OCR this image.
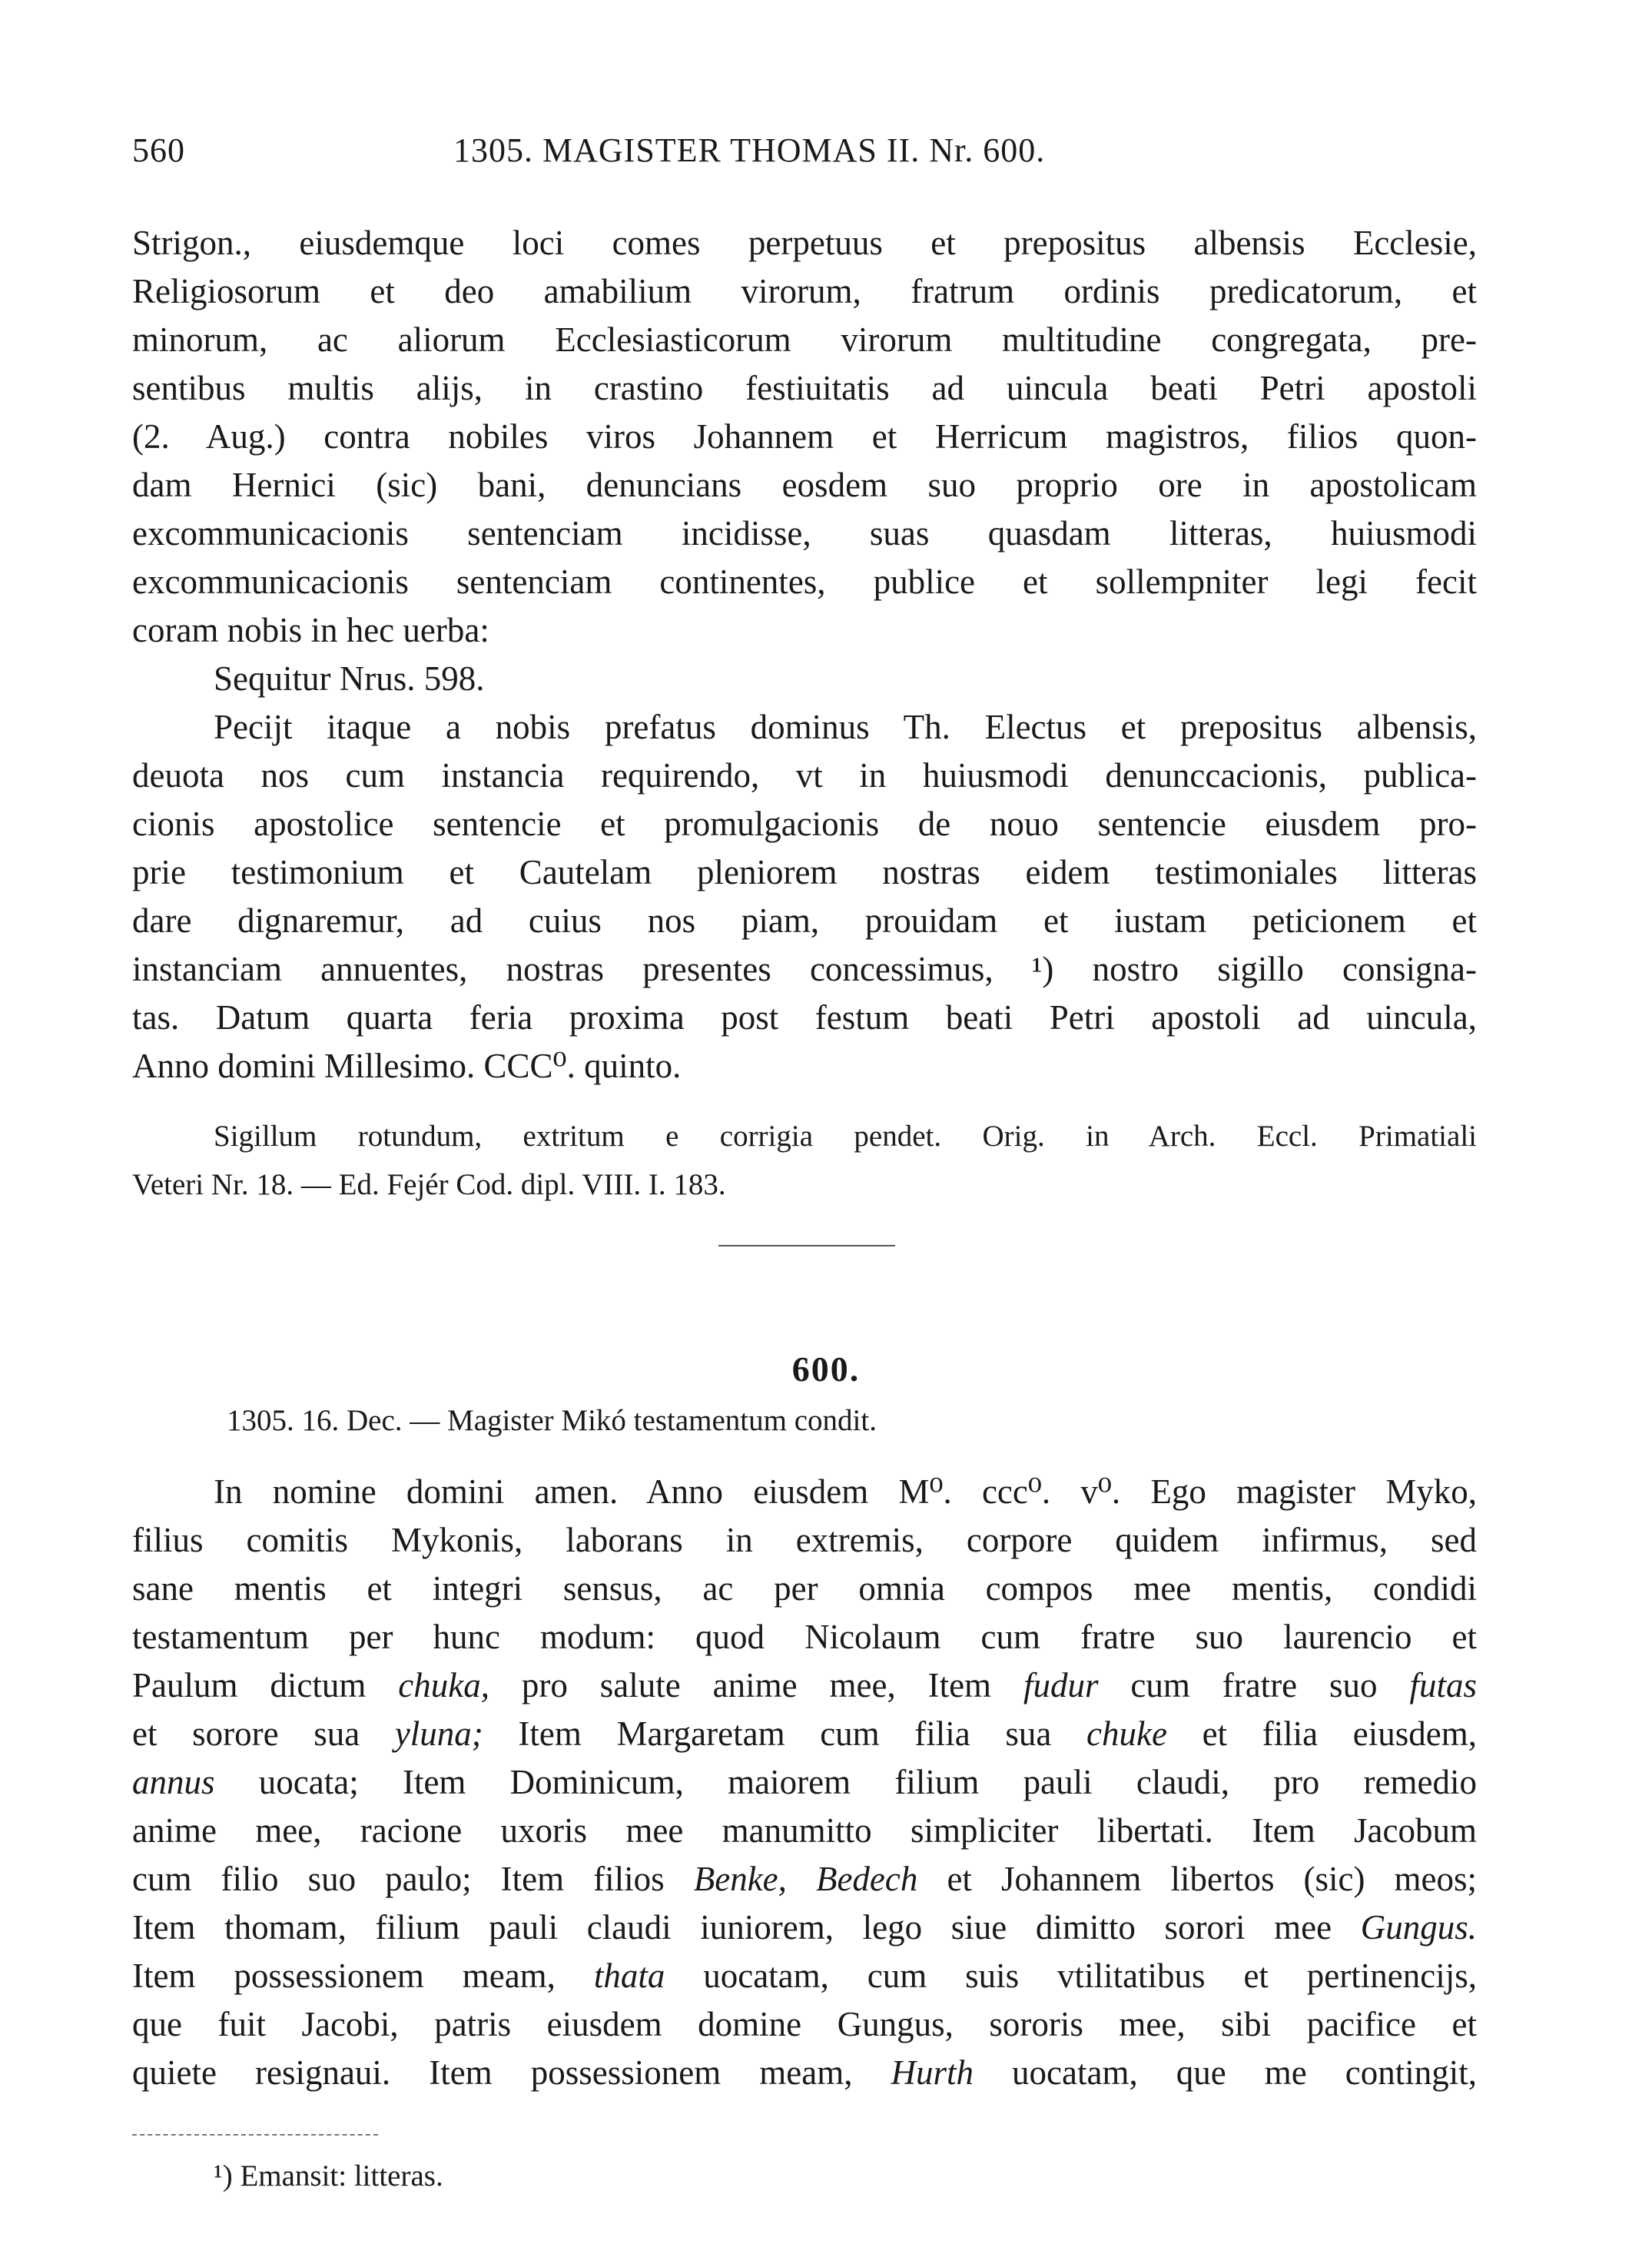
560	1305. MAGISTER THOMAS II. Nr. 600.
Strigon., eiusdemque loci comes perpetuus et prepositus albensis Ecclesie,
Religiosorum et deo amabilium virorum, fratrum ordinis predicatorum, et
minorum, ac aliorum Ecclesiasticorum virorum multitudine congregata, pre-
sentibus multis alijs, in crastino festiuitatis ad uincula beati Petri apostoli
(2. Aug.) contra nobiles viros Johannem et Herricum magistros, filios quon-
dam Hernici (sic) bani, denuncians eosdem suo proprio ore in apostolicam
excommunicacionis sentenciam incidisse, suas quasdam litteras, huiusmodi
excommunicacionis sentenciam continentes, publice et sollempniter legi fecit
coram nobis in hec uerba:
Sequitur Nrus. 598.
Pecijt itaque a nobis prefatus dominus Th. Electus et prepositus albensis,
deuota nos cum instancia requirendo, vt in huiusmodi denunccacionis, publica-
cionis apostolice sentencie et promulgacionis de nouo sentencie eiusdem pro-
prie testimonium et Cautelam pleniorem nostras eidem testimoniales litteras
dare dignaremur, ad cuius nos piam, prouidam et iustam peticionem et
instanciam annuentes, nostras presentes concessimus, ¹) nostro sigillo consigna-
tas. Datum quarta feria proxima post festum beati Petri apostoli ad uincula,
Anno domini Millesimo. CCC⁰. quinto.
Sigillum rotundum, extritum e corrigia pendet. Orig. in Arch. Eccl. Primatiali
Veteri Nr. 18. — Ed. Fejér Cod. dipl. VIII. I. 183.
600.
1305. 16. Dec. — Magister Mikó testamentum condit.
In nomine domini amen. Anno eiusdem M⁰. ccc⁰. v⁰. Ego magister Myko,
filius comitis Mykonis, laborans in extremis, corpore quidem infirmus, sed
sane mentis et integri sensus, ac per omnia compos mee mentis, condidi
testamentum per hunc modum: quod Nicolaum cum fratre suo laurencio et
Paulum dictum chuka, pro salute anime mee, Item fudur cum fratre suo futas
et sorore sua yluna; Item Margaretam cum filia sua chuke et filia eiusdem,
annus uocata; Item Dominicum, maiorem filium pauli claudi, pro remedio
anime mee, racione uxoris mee manumitto simpliciter libertati. Item Jacobum
cum filio suo paulo; Item filios Benke, Bedech et Johannem libertos (sic) meos;
Item thomam, filium pauli claudi iuniorem, lego siue dimitto sorori mee Gungus.
Item possessionem meam, thata uocatam, cum suis vtilitatibus et pertinencijs,
que fuit Jacobi, patris eiusdem domine Gungus, sororis mee, sibi pacifice et
quiete resignaui. Item possessionem meam, Hurth uocatam, que me contingit,
¹) Emansit: litteras.
